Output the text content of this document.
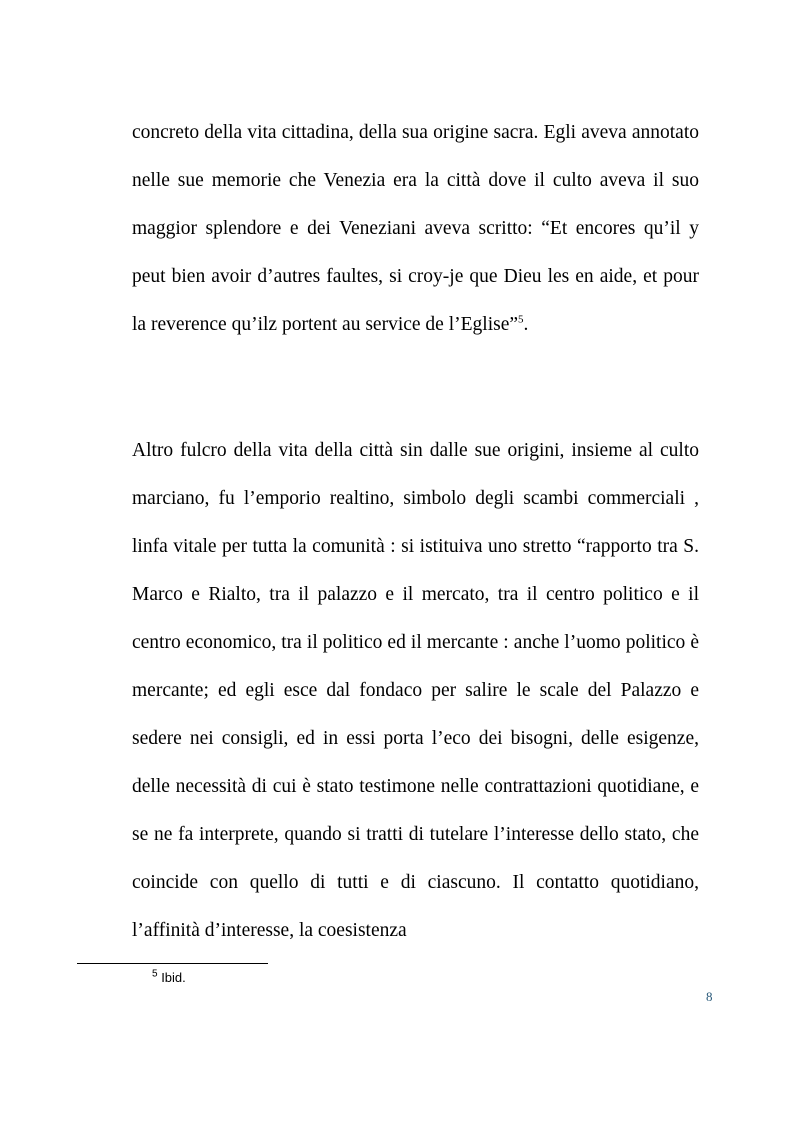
concreto della vita cittadina, della sua origine sacra. Egli aveva annotato nelle sue memorie che Venezia era la città dove il culto aveva il suo maggior splendore e dei Veneziani aveva scritto: “Et encores qu’il y peut bien avoir d’autres faultes, si croy-je que Dieu les en aide, et pour la reverence qu’ilz portent au service de l’Eglise”$^5$.

Altro fulcro della vita della città sin dalle sue origini, insieme al culto marciano, fu l’emporio realtino, simbolo degli scambi commerciali , linfa vitale per tutta la comunità : si istituiva uno stretto “rapporto tra S. Marco e Rialto, tra il palazzo e il mercato, tra il centro politico e il centro economico, tra il politico ed il mercante : anche l’uomo politico è mercante; ed egli esce dal fondaco per salire le scale del Palazzo e sedere nei consigli, ed in essi porta l’eco dei bisogni, delle esigenze, delle necessità di cui è stato testimone nelle contrattazioni quotidiane, e se ne fa interprete, quando si tratti di tutelare l’interesse dello stato, che coincide con quello di tutti e di ciascuno. Il contatto quotidiano, l’affinità d’interesse, la coesistenza

$^5$ Ibid.

8
